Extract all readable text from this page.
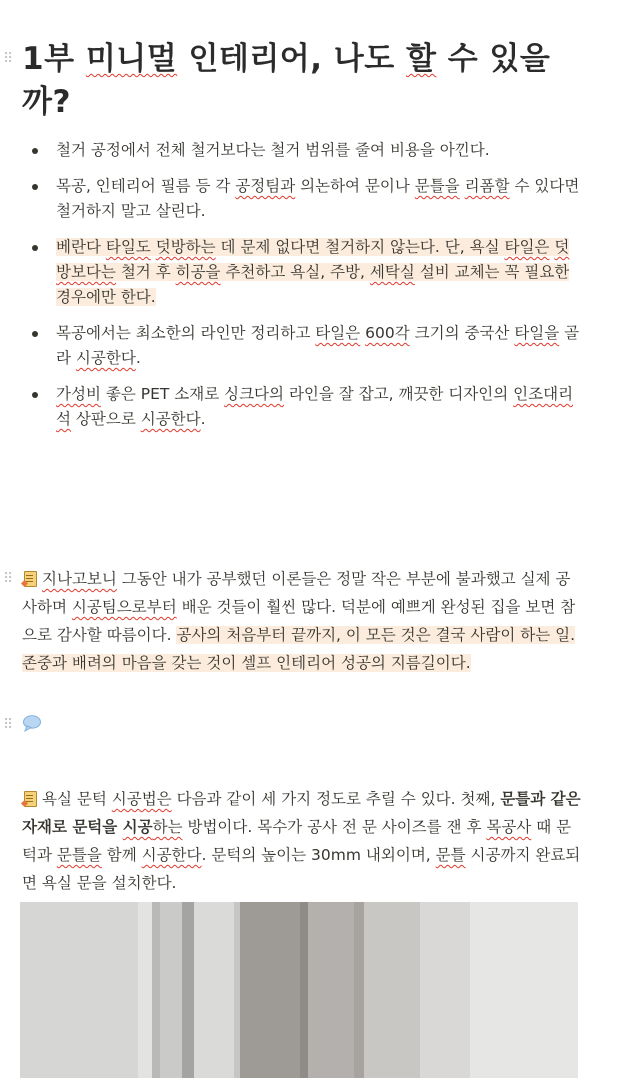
⠿
⠿
⠿
1부 미니멀 인테리어, 나도 할 수 있을까?
철거 공정에서 전체 철거보다는 철거 범위를 줄여 비용을 아낀다.
목공, 인테리어 필름 등 각 공정팀과 의논하여 문이나 문틀을 리폼할 수 있다면 철거하지 말고 살린다.
베란다 타일도 덧방하는 데 문제 없다면 철거하지 않는다. 단, 욕실 타일은 덧방보다는 철거 후 히공을 추천하고 욕실, 주방, 세탁실 설비 교체는 꼭 필요한 경우에만 한다.
목공에서는 최소한의 라인만 정리하고 타일은 600각 크기의 중국산 타일을 골라 시공한다.
가성비 좋은 PET 소재로 싱크다의 라인을 잘 잡고, 깨끗한 디자인의 인조대리석 상판으로 시공한다.

지나고보니 그동안 내가 공부했던 이론들은 정말 작은 부분에 불과했고 실제 공사하며 시공팀으로부터 배운 것들이 훨씬 많다. 덕분에 예쁘게 완성된 집을 보면 참으로 감사할 따름이다. 공사의 처음부터 끝까지, 이 모든 것은 결국 사람이 하는 일. 존중과 배려의 마음을 갖는 것이 셀프 인테리어 성공의 지름길이다.

욕실 문턱 시공법은 다음과 같이 세 가지 정도로 추릴 수 있다. 첫째, 문틀과 같은 자재로 문턱을 시공하는 방법이다. 목수가 공사 전 문 사이즈를 잰 후 목공사 때 문턱과 문틀을 함께 시공한다. 문턱의 높이는 30mm 내외이며, 문틀 시공까지 완료되면 욕실 문을 설치한다.
